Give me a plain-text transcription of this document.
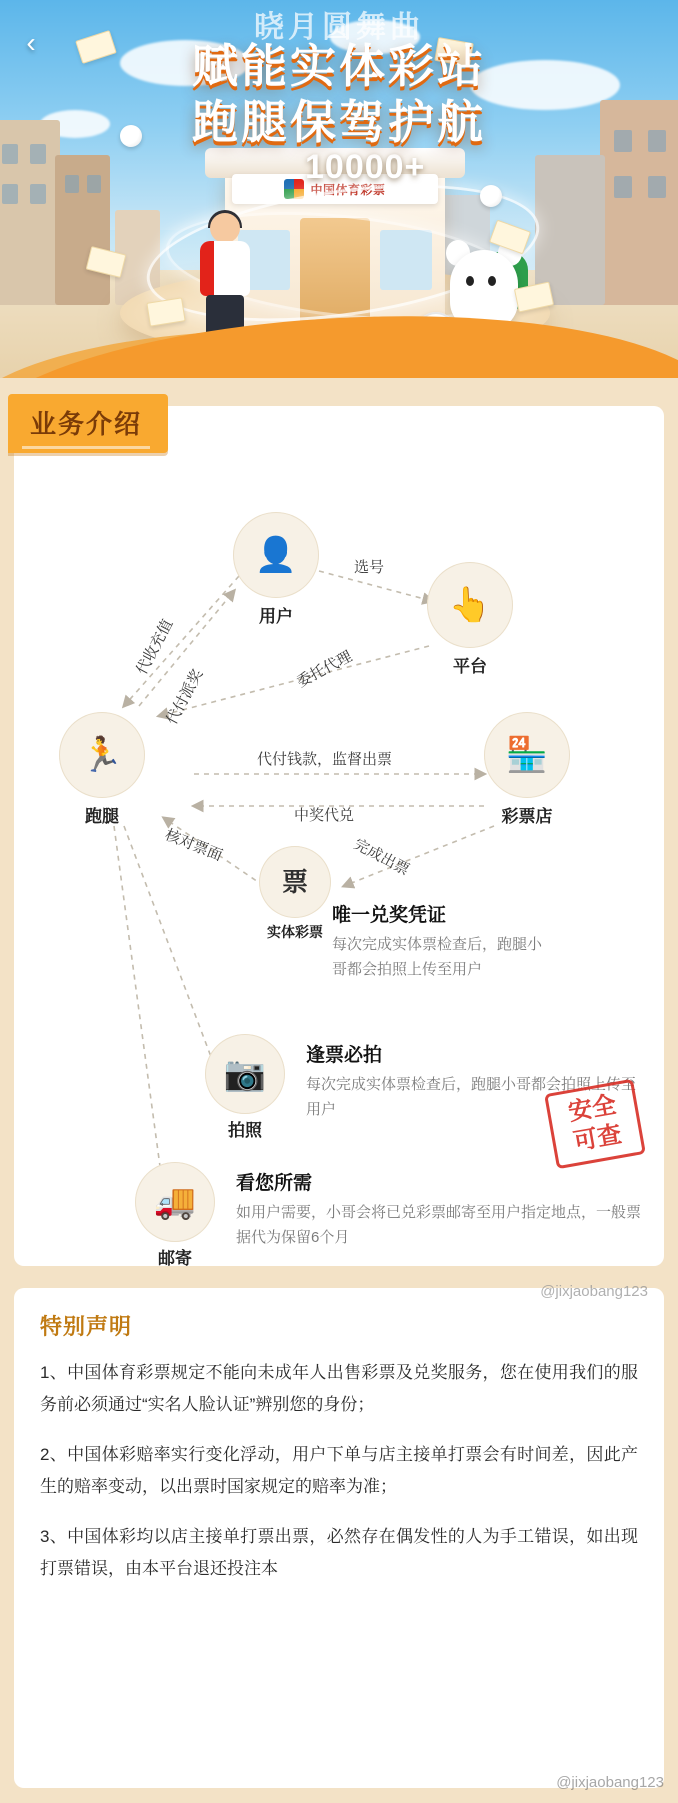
中国体育彩票
10000+
赋能实体彩站
跑腿保驾护航
晓月圆舞曲
‹
业务介绍
👤
用户	👆
平台
🏃
跑腿
🏪
彩票店
票
实体彩票
📷
拍照
🚚
邮寄
选号
代收充值
代付派奖	委托代理
代付钱款，监督出票
中奖代兑
完成出票
核对票面
唯一兑奖凭证
每次完成实体票检查后，跑腿小哥都会拍照上传至用户
逢票必拍
每次完成实体票检查后，跑腿小哥都会拍照上传至用户
看您所需
如用户需要，小哥会将已兑彩票邮寄至用户指定地点，一般票据代为保留6个月
安全
可查
特别声明

1、中国体育彩票规定不能向未成年人出售彩票及兑奖服务，您在使用我们的服务前必须通过“实名人脸认证”辨别您的身份；

2、中国体彩赔率实行变化浮动，用户下单与店主接单打票会有时间差，因此产生的赔率变动，以出票时国家规定的赔率为准；

3、中国体彩均以店主接单打票出票，必然存在偶发性的人为手工错误，如出现打票错误，由本平台退还投注本

@jixjaobang123
@jixjaobang123
